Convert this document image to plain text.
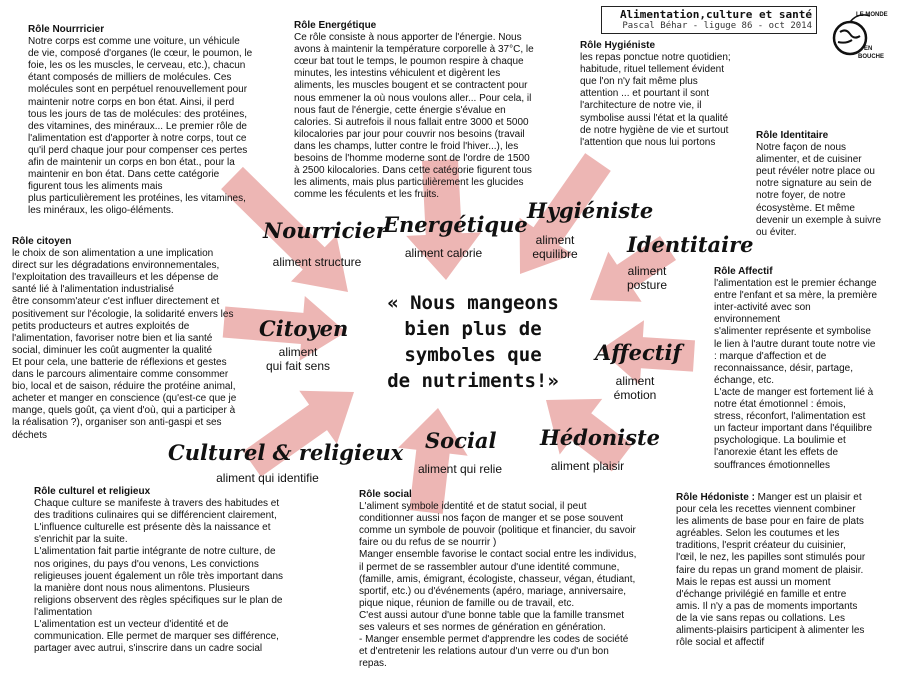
Alimentation,culture et santé
Pascal Béhar - liguge 86 - oct 2014
LE MONDE
EN
BOUCHE
« Nous mangeons
bien plus de
symboles que
de nutriments!»
Rôle Nourrricier
Notre corps est comme une voiture, un véhicule
de vie, composé d'organes (le cœur, le poumon, le
foie, les os les muscles, le cerveau, etc.), chacun
étant composés de milliers de molécules. Ces
molécules sont en perpétuel renouvellement pour
maintenir notre corps en bon état. Ainsi, il perd
tous les jours de tas de molécules: des protéines,
des vitamines, des minéraux... Le premier rôle de
l'alimentation est d'apporter à notre corps, tout ce
qu'il perd chaque jour pour compenser ces pertes
afin de maintenir un corps en bon état., pour la
maintenir en bon état. Dans cette catégorie
figurent tous les aliments mais
plus particulièrement les protéines, les vitamines,
les minéraux, les oligo-éléments.
Nourricier
aliment structure
Rôle Energétique
Ce rôle consiste à nous apporter de l'énergie. Nous
avons à maintenir la température corporelle à 37°C, le
cœur bat tout le temps, le poumon respire à chaque
minutes, les intestins véhiculent et digèrent les
aliments, les muscles bougent et se contractent pour
nous emmener la où nous voulons aller... Pour cela, il
nous faut de l'énergie, cette énergie s'évalue en
calories. Si autrefois il nous fallait entre 3000 et 5000
kilocalories par jour pour couvrir nos besoins (travail
dans les champs, lutter contre le froid l'hiver...), les
besoins de l'homme moderne sont de l'ordre de 1500
à 2500 kilocalories. Dans cette catégorie figurent tous
les aliments, mais plus particulièrement les glucides
comme les féculents et les fruits.
Energétique
aliment calorie
Rôle Hygiéniste
les repas ponctue notre quotidien;
habitude, rituel tellement évident
que l'on n'y fait même plus
attention ... et pourtant il sont
l'architecture de notre vie, il
symbolise aussi l'état et la qualité
de notre hygiène de vie et surtout
l'attention que nous lui portons
Hygiéniste
aliment
equilibre
Rôle Identitaire
Notre façon de nous
alimenter, et de cuisiner
peut révéler notre place ou
notre signature au sein de
notre foyer, de notre
écosystème. Et même
devenir un exemple à suivre
ou éviter.
Identitaire
aliment
posture
Rôle Affectif
l'alimentation est le premier échange
entre l'enfant et sa mère, la première
inter-activité avec son
environnement
s'alimenter représente et symbolise
le lien à l'autre durant toute notre vie
: marque d'affection et de
reconnaissance, désir, partage,
échange, etc.
L'acte de manger est fortement lié à
notre état émotionnel : émois,
stress, réconfort, l'alimentation est
un facteur important dans l'équilibre
psychologique. La boulimie et
l'anorexie étant les effets de
souffrances émotionnelles
Affectif
aliment
émotion
Rôle Hédoniste : Manger est un plaisir et
pour cela les recettes viennent combiner
les aliments de base pour en faire de plats
agréables. Selon les coutumes et les
traditions, l'esprit créateur du cuisinier,
l'œil, le nez, les papilles sont stimulés pour
faire du repas un grand moment de plaisir.
Mais le repas est aussi un moment
d'échange privilégié en famille et entre
amis. Il n'y a pas de moments importants
de la vie sans repas ou collations. Les
aliments-plaisirs participent à alimenter les
rôle social et affectif
Hédoniste
aliment plaisir
Rôle social
L'aliment symbole identité et de statut social, il peut
conditionner aussi nos façon de manger et se pose souvent
comme un symbole de pouvoir (politique et financier, du savoir
faire ou du refus de se nourrir )
Manger ensemble favorise le contact social entre les individus,
il permet de se rassembler autour d'une identité commune,
(famille, amis, émigrant, écologiste, chasseur, végan, étudiant,
sportif, etc.) ou d'événements (apéro, mariage, anniversaire,
pique nique, réunion de famille ou de travail, etc.
C'est aussi autour d'une bonne table que la famille transmet
ses valeurs et ses normes de génération en génération.
- Manger ensemble permet d'apprendre les codes de société
et d'entretenir les relations autour d'un verre ou d'un bon
repas.
Social
aliment qui relie
Rôle culturel et religieux
Chaque culture se manifeste à travers des habitudes et
des traditions culinaires qui se différencient clairement,
L'influence culturelle est présente dès la naissance et
s'enrichit par la suite.
L'alimentation fait partie intégrante de notre culture, de
nos origines, du pays d'ou venons, Les convictions
religieuses jouent également un rôle très important dans
la manière dont nous nous alimentons. Plusieurs
religions observent des règles spécifiques sur le plan de
l'alimentation
L'alimentation est un vecteur d'identité et de
communication. Elle permet de marquer ses différence,
partager avec autrui, s'inscrire dans un cadre social
Culturel & religieux
aliment qui identifie
Rôle citoyen
le choix de son alimentation a une implication
direct sur les dégradations environnementales,
l'exploitation des travailleurs et les dépense de
santé lié à l'alimentation industrialisé
être consomm'ateur c'est influer directement et
positivement sur l'écologie, la solidarité envers les
petits producteurs et autres exploités de
l'alimentation, favoriser notre bien et lia santé
social, diminuer les coût augmenter la qualité
Et pour cela, une batterie de réflexions et gestes
dans le parcours alimentaire comme consommer
bio, local et de saison, réduire the protéine animal,
acheter et manger en conscience (qu'est-ce que je
mange, quels goût, ça vient d'où, qui a participer à
la réalisation ?), organiser son anti-gaspi et ses
déchets
Citoyen
aliment
qui fait sens
